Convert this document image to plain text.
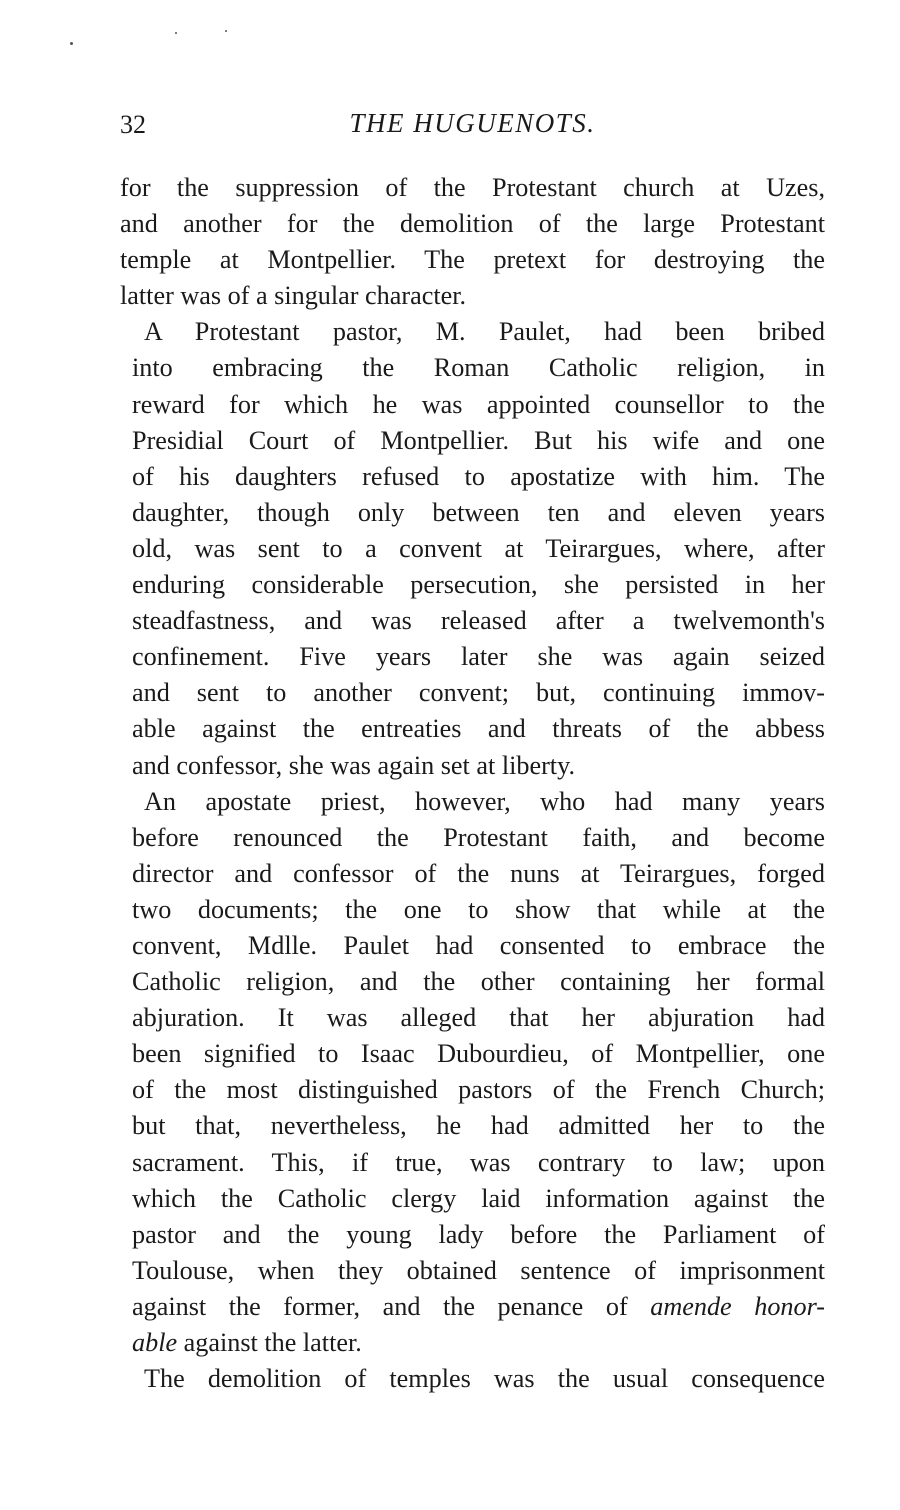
32	THE HUGUENOTS.

for the suppression of the Protestant church at Uzes,
and another for the demolition of the large Protestant
temple at Montpellier. The pretext for destroying the
latter was of a singular character.

A Protestant pastor, M. Paulet, had been bribed
into embracing the Roman Catholic religion, in
reward for which he was appointed counsellor to the
Presidial Court of Montpellier. But his wife and one
of his daughters refused to apostatize with him. The
daughter, though only between ten and eleven years
old, was sent to a convent at Teirargues, where, after
enduring considerable persecution, she persisted in her
steadfastness, and was released after a twelvemonth's
confinement. Five years later she was again seized
and sent to another convent; but, continuing immov-
able against the entreaties and threats of the abbess
and confessor, she was again set at liberty.

An apostate priest, however, who had many years
before renounced the Protestant faith, and become
director and confessor of the nuns at Teirargues, forged
two documents; the one to show that while at the
convent, Mdlle. Paulet had consented to embrace the
Catholic religion, and the other containing her formal
abjuration. It was alleged that her abjuration had
been signified to Isaac Dubourdieu, of Montpellier, one
of the most distinguished pastors of the French Church;
but that, nevertheless, he had admitted her to the
sacrament. This, if true, was contrary to law; upon
which the Catholic clergy laid information against the
pastor and the young lady before the Parliament of
Toulouse, when they obtained sentence of imprisonment
against the former, and the penance of amende honor-
able against the latter.

The demolition of temples was the usual consequence
